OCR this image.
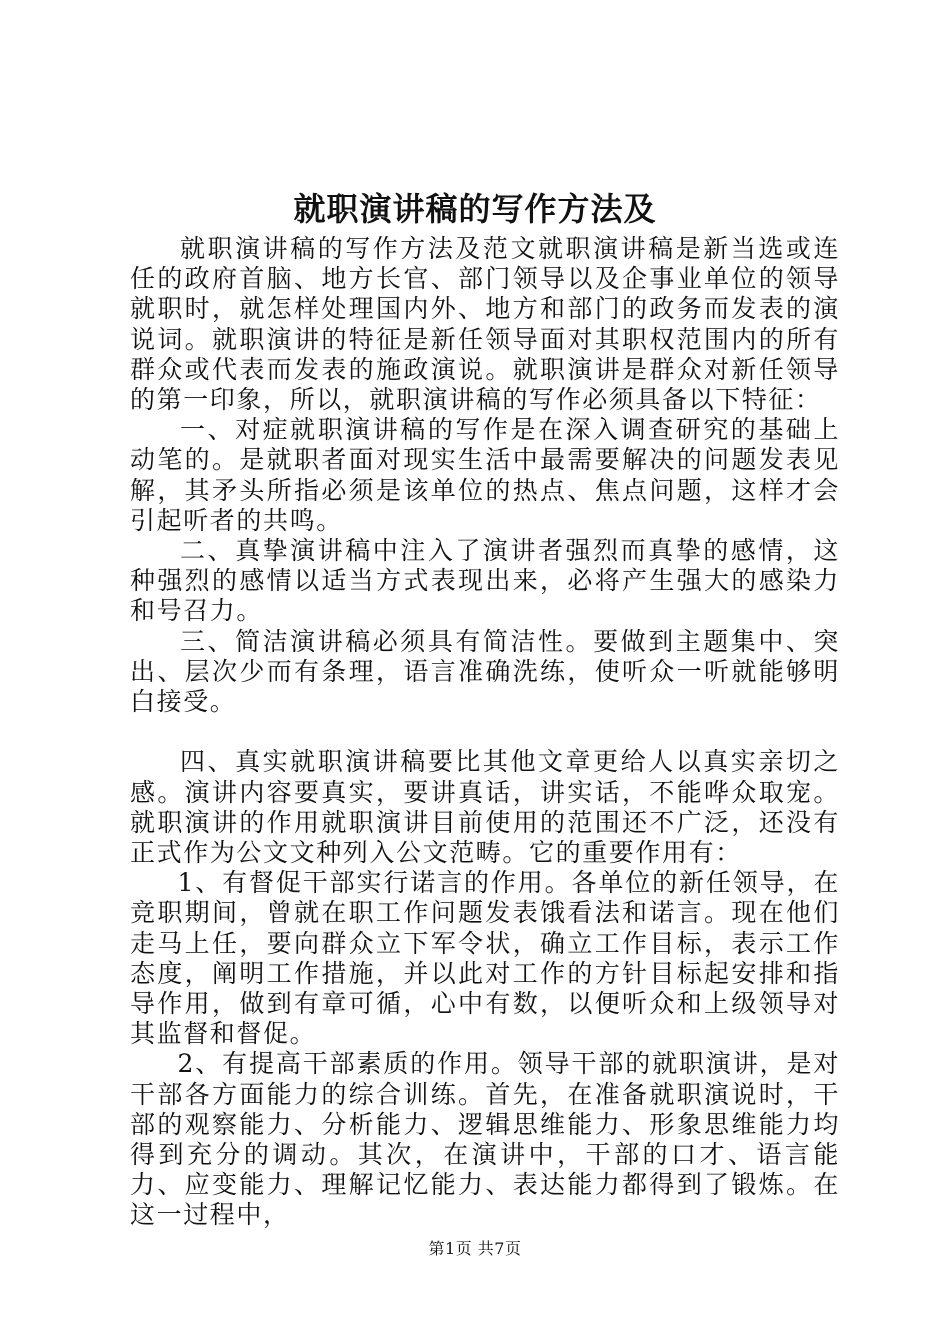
就职演讲稿的写作方法及

就职演讲稿的写作方法及范文就职演讲稿是新当选或连任的政府首脑、地方长官、部门领导以及企事业单位的领导就职时，就怎样处理国内外、地方和部门的政务而发表的演说词。就职演讲的特征是新任领导面对其职权范围内的所有群众或代表而发表的施政演说。就职演讲是群众对新任领导的第一印象，所以，就职演讲稿的写作必须具备以下特征：

一、对症就职演讲稿的写作是在深入调查研究的基础上动笔的。是就职者面对现实生活中最需要解决的问题发表见解，其矛头所指必须是该单位的热点、焦点问题，这样才会引起听者的共鸣。

二、真挚演讲稿中注入了演讲者强烈而真挚的感情，这种强烈的感情以适当方式表现出来，必将产生强大的感染力和号召力。

三、简洁演讲稿必须具有简洁性。要做到主题集中、突出、层次少而有条理，语言准确洗练，使听众一听就能够明白接受。

四、真实就职演讲稿要比其他文章更给人以真实亲切之感。演讲内容要真实，要讲真话，讲实话，不能哗众取宠。就职演讲的作用就职演讲目前使用的范围还不广泛，还没有正式作为公文文种列入公文范畴。它的重要作用有：

1、有督促干部实行诺言的作用。各单位的新任领导，在竞职期间，曾就在职工作问题发表饿看法和诺言。现在他们走马上任，要向群众立下军令状，确立工作目标，表示工作态度，阐明工作措施，并以此对工作的方针目标起安排和指导作用，做到有章可循，心中有数，以便听众和上级领导对其监督和督促。

2、有提高干部素质的作用。领导干部的就职演讲，是对干部各方面能力的综合训练。首先，在准备就职演说时，干部的观察能力、分析能力、逻辑思维能力、形象思维能力均得到充分的调动。其次，在演讲中，干部的口才、语言能力、应变能力、理解记忆能力、表达能力都得到了锻炼。在这一过程中，

第1页 共7页
